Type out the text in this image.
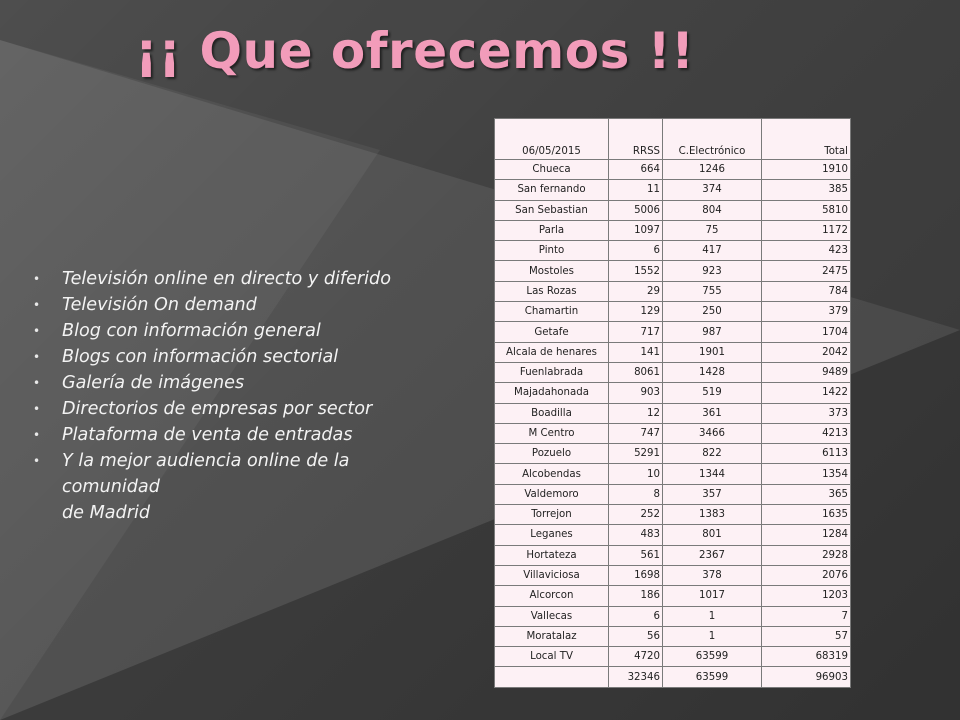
¡¡ Que ofrecemos !!
• Televisión online en directo y diferido
• Televisión On demand
• Blog con información general
• Blogs con información sectorial
• Galería de imágenes
• Directorios de empresas por sector
• Plataforma de venta de entradas
• Y la mejor audiencia online de la
comunidad
de Madrid
06/05/2015	RRSS	C.Electrónico	Total
Chueca	664	1246	1910
San fernando	11	374	385
San Sebastian	5006	804	5810
Parla	1097	75	1172
Pinto	6	417	423
Mostoles	1552	923	2475
Las Rozas	29	755	784
Chamartin	129	250	379
Getafe	717	987	1704
Alcala de henares	141	1901	2042
Fuenlabrada	8061	1428	9489
Majadahonada	903	519	1422
Boadilla	12	361	373
M Centro	747	3466	4213
Pozuelo	5291	822	6113
Alcobendas	10	1344	1354
Valdemoro	8	357	365
Torrejon	252	1383	1635
Leganes	483	801	1284
Hortateza	561	2367	2928
Villaviciosa	1698	378	2076
Alcorcon	186	1017	1203
Vallecas	6	1	7
Moratalaz	56	1	57
Local TV	4720	63599	68319
	32346	63599	96903
